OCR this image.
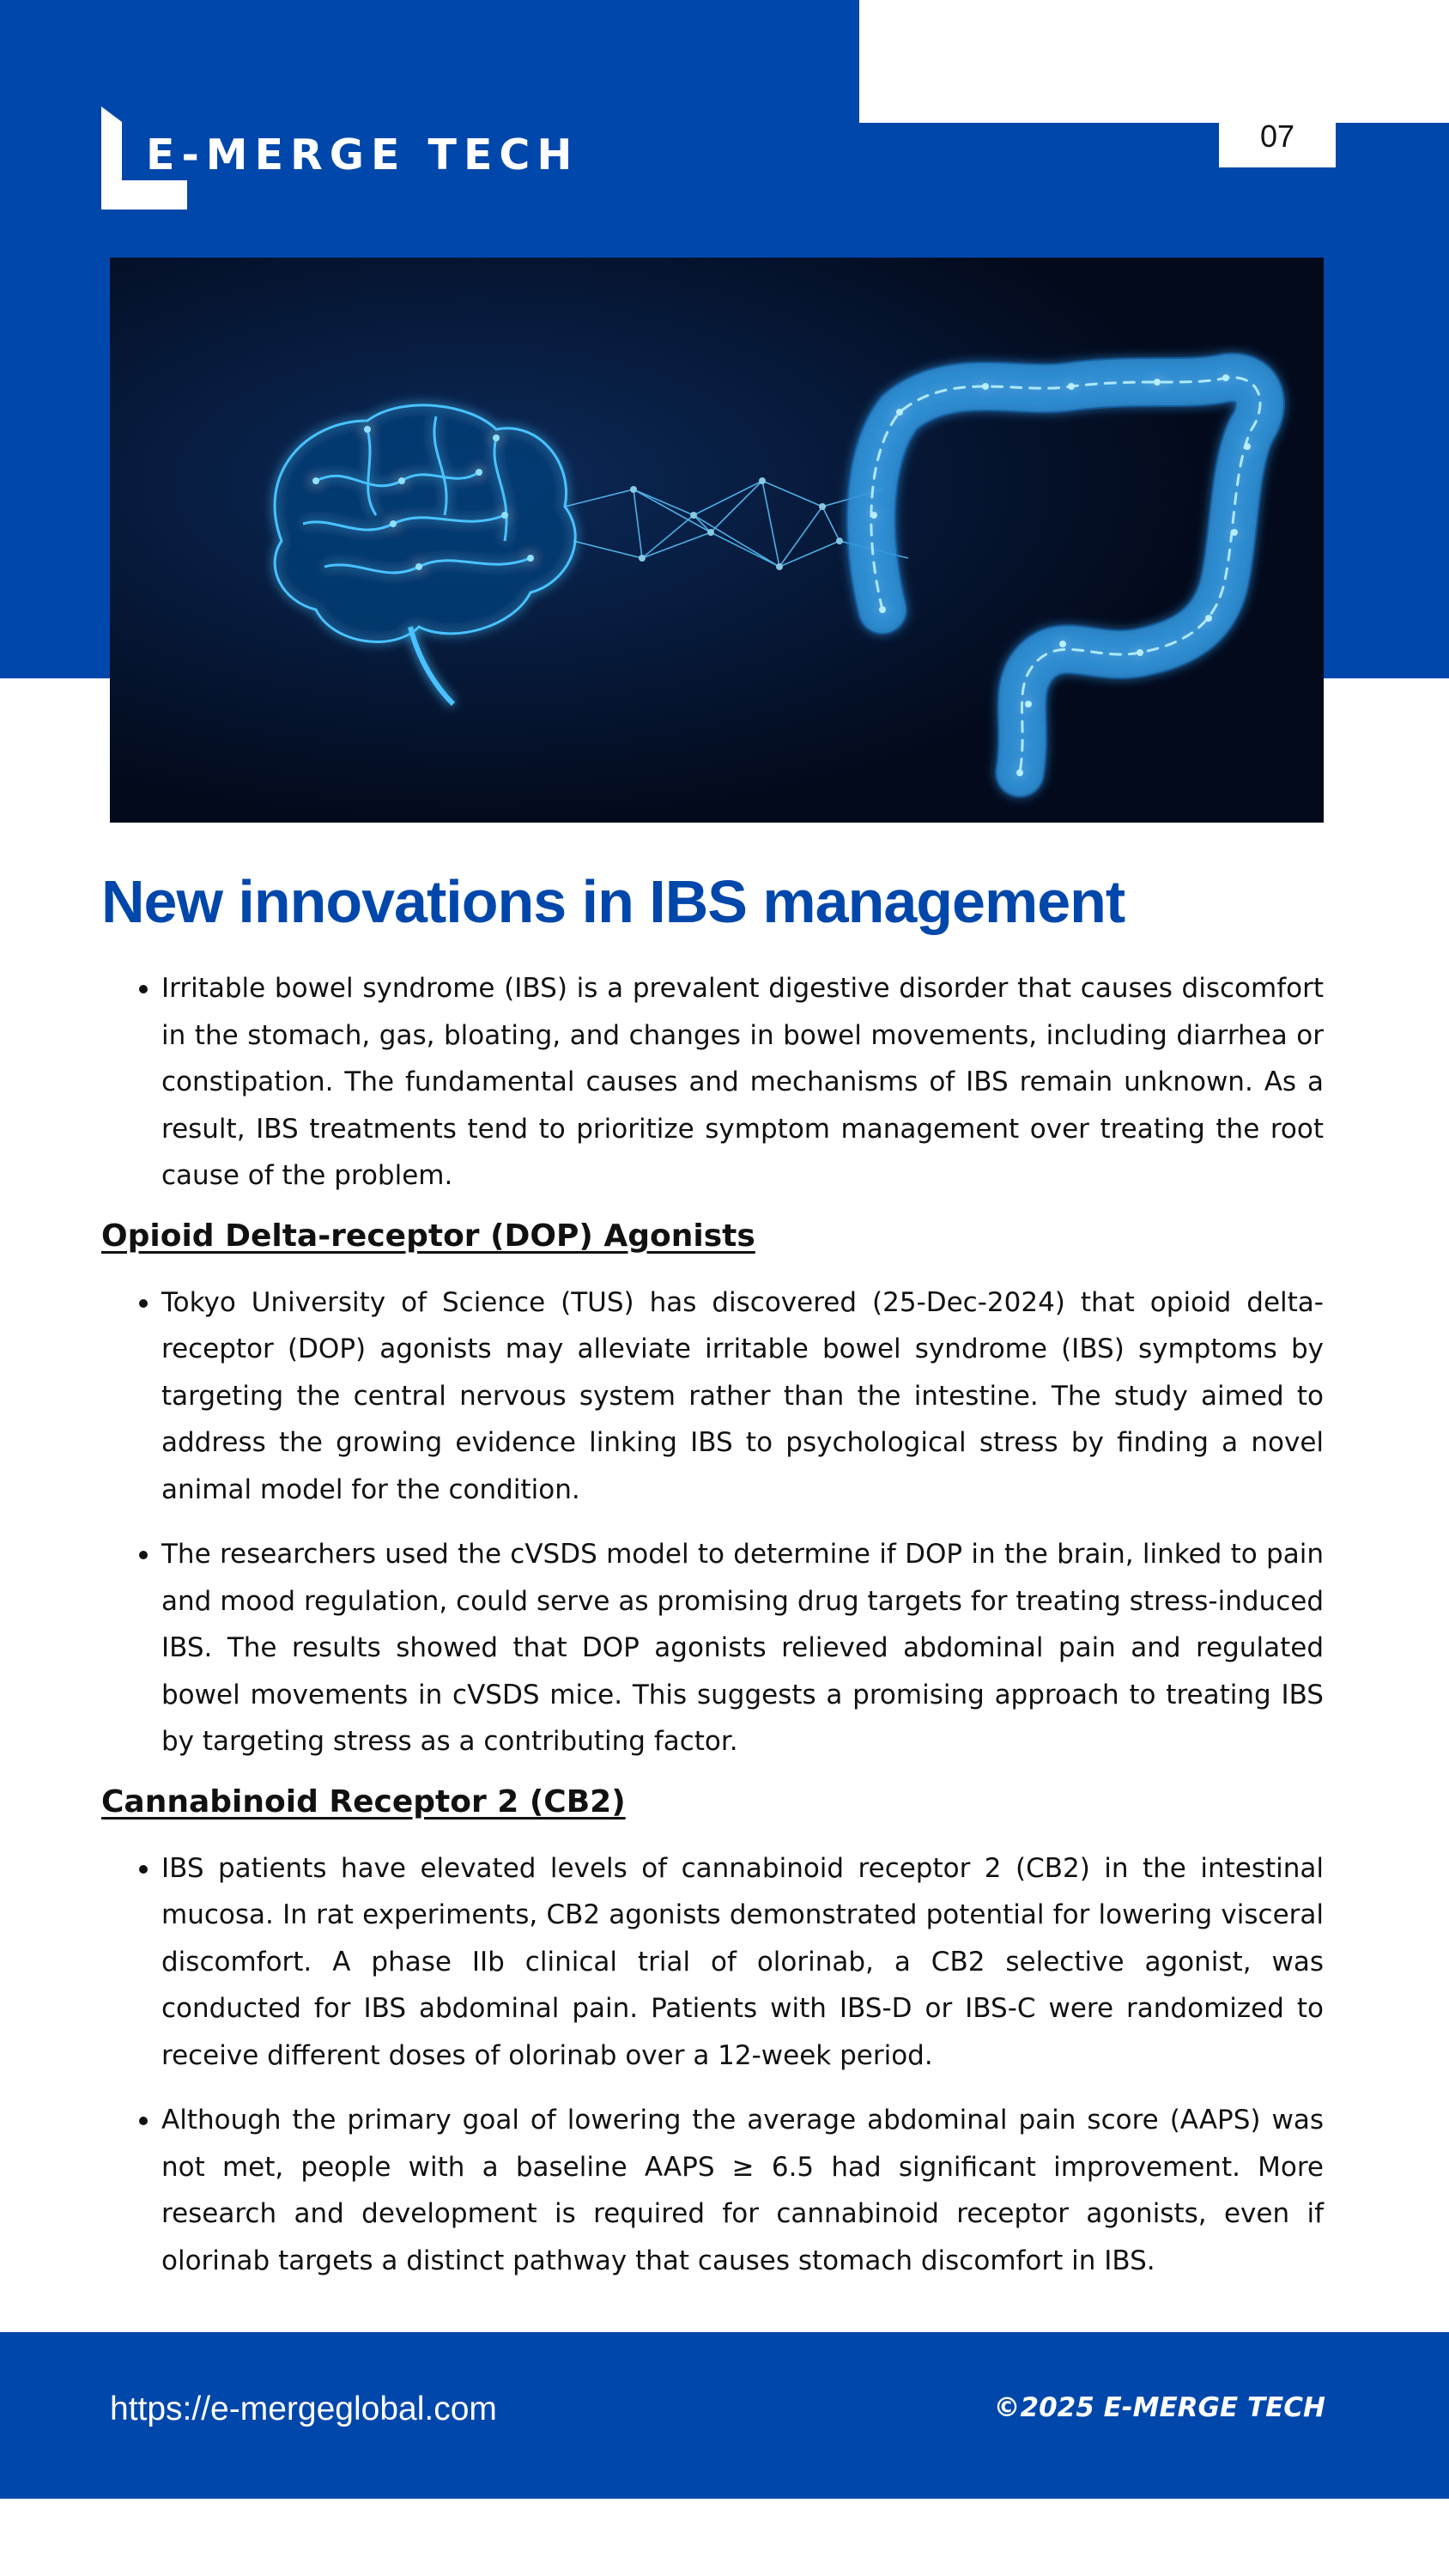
07
E-MERGE TECH
New innovations in IBS management
Irritable bowel syndrome (IBS) is a prevalent digestive disorder that causes discomfort in the stomach, gas, bloating, and changes in bowel movements, including diarrhea or constipation. The fundamental causes and mechanisms of IBS remain unknown. As a result, IBS treatments tend to prioritize symptom management over treating the root cause of the problem.
Opioid Delta-receptor (DOP) Agonists
Tokyo University of Science (TUS) has discovered (25-Dec-2024) that opioid delta-receptor (DOP) agonists may alleviate irritable bowel syndrome (IBS) symptoms by targeting the central nervous system rather than the intestine. The study aimed to address the growing evidence linking IBS to psychological stress by finding a novel animal model for the condition.
The researchers used the cVSDS model to determine if DOP in the brain, linked to pain and mood regulation, could serve as promising drug targets for treating stress-induced IBS. The results showed that DOP agonists relieved abdominal pain and regulated bowel movements in cVSDS mice. This suggests a promising approach to treating IBS by targeting stress as a contributing factor.
Cannabinoid Receptor 2 (CB2)
IBS patients have elevated levels of cannabinoid receptor 2 (CB2) in the intestinal mucosa. In rat experiments, CB2 agonists demonstrated potential for lowering visceral discomfort. A phase IIb clinical trial of olorinab, a CB2 selective agonist, was conducted for IBS abdominal pain. Patients with IBS-D or IBS-C were randomized to receive different doses of olorinab over a 12-week period.
Although the primary goal of lowering the average abdominal pain score (AAPS) was not met, people with a baseline AAPS ≥ 6.5 had significant improvement. More research and development is required for cannabinoid receptor agonists, even if olorinab targets a distinct pathway that causes stomach discomfort in IBS.
https://e-mergeglobal.com	©2025 E-MERGE TECH
